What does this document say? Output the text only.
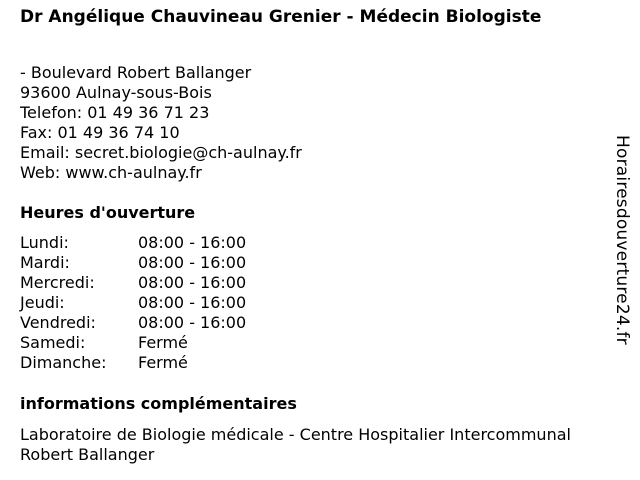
Dr Angélique Chauvineau Grenier - Médecin Biologiste
- Boulevard Robert Ballanger
93600 Aulnay-sous-Bois
Telefon: 01 49 36 71 23
Fax: 01 49 36 74 10
Email: secret.biologie@ch-aulnay.fr
Web: www.ch-aulnay.fr
Heures d'ouverture
Lundi:	08:00 - 16:00
Mardi:	08:00 - 16:00
Mercredi:	08:00 - 16:00
Jeudi:	08:00 - 16:00
Vendredi:	08:00 - 16:00
Samedi:	Fermé
Dimanche:	Fermé
informations complémentaires
Laboratoire de Biologie médicale - Centre Hospitalier Intercommunal Robert Ballanger
Horairesdouverture24.fr
